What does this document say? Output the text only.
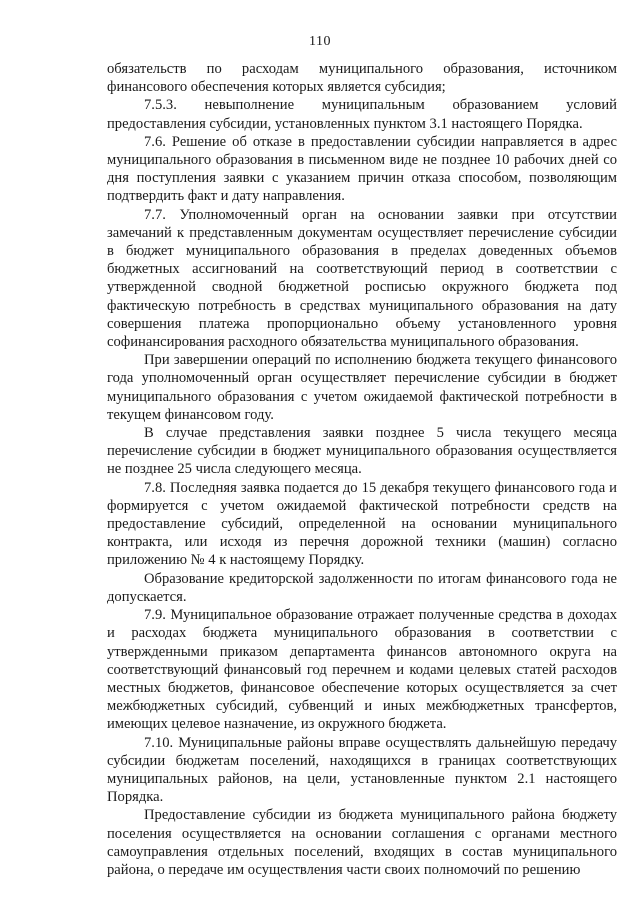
110

обязательств по расходам муниципального образования, источником финансового обеспечения которых является субсидия;

7.5.3. невыполнение муниципальным образованием условий предоставления субсидии, установленных пунктом 3.1 настоящего Порядка.

7.6. Решение об отказе в предоставлении субсидии направляется в адрес муниципального образования в письменном виде не позднее 10 рабочих дней со дня поступления заявки с указанием причин отказа способом, позволяющим подтвердить факт и дату направления.

7.7. Уполномоченный орган на основании заявки при отсутствии замечаний к представленным документам осуществляет перечисление субсидии в бюджет муниципального образования в пределах доведенных объемов бюджетных ассигнований на соответствующий период в соответствии с утвержденной сводной бюджетной росписью окружного бюджета под фактическую потребность в средствах муниципального образования на дату совершения платежа пропорционально объему установленного уровня софинансирования расходного обязательства муниципального образования.

При завершении операций по исполнению бюджета текущего финансового года уполномоченный орган осуществляет перечисление субсидии в бюджет муниципального образования с учетом ожидаемой фактической потребности в текущем финансовом году.

В случае представления заявки позднее 5 числа текущего месяца перечисление субсидии в бюджет муниципального образования осуществляется не позднее 25 числа следующего месяца.

7.8. Последняя заявка подается до 15 декабря текущего финансового года и формируется с учетом ожидаемой фактической потребности средств на предоставление субсидий, определенной на основании муниципального контракта, или исходя из перечня дорожной техники (машин) согласно приложению № 4 к настоящему Порядку.

Образование кредиторской задолженности по итогам финансового года не допускается.

7.9. Муниципальное образование отражает полученные средства в доходах и расходах бюджета муниципального образования в соответствии с утвержденными приказом департамента финансов автономного округа на соответствующий финансовый год перечнем и кодами целевых статей расходов местных бюджетов, финансовое обеспечение которых осуществляется за счет межбюджетных субсидий, субвенций и иных межбюджетных трансфертов, имеющих целевое назначение, из окружного бюджета.

7.10. Муниципальные районы вправе осуществлять дальнейшую передачу субсидии бюджетам поселений, находящихся в границах соответствующих муниципальных районов, на цели, установленные пунктом 2.1 настоящего Порядка.

Предоставление субсидии из бюджета муниципального района бюджету поселения осуществляется на основании соглашения с органами местного самоуправления отдельных поселений, входящих в состав муниципального района, о передаче им осуществления части своих полномочий по решению
